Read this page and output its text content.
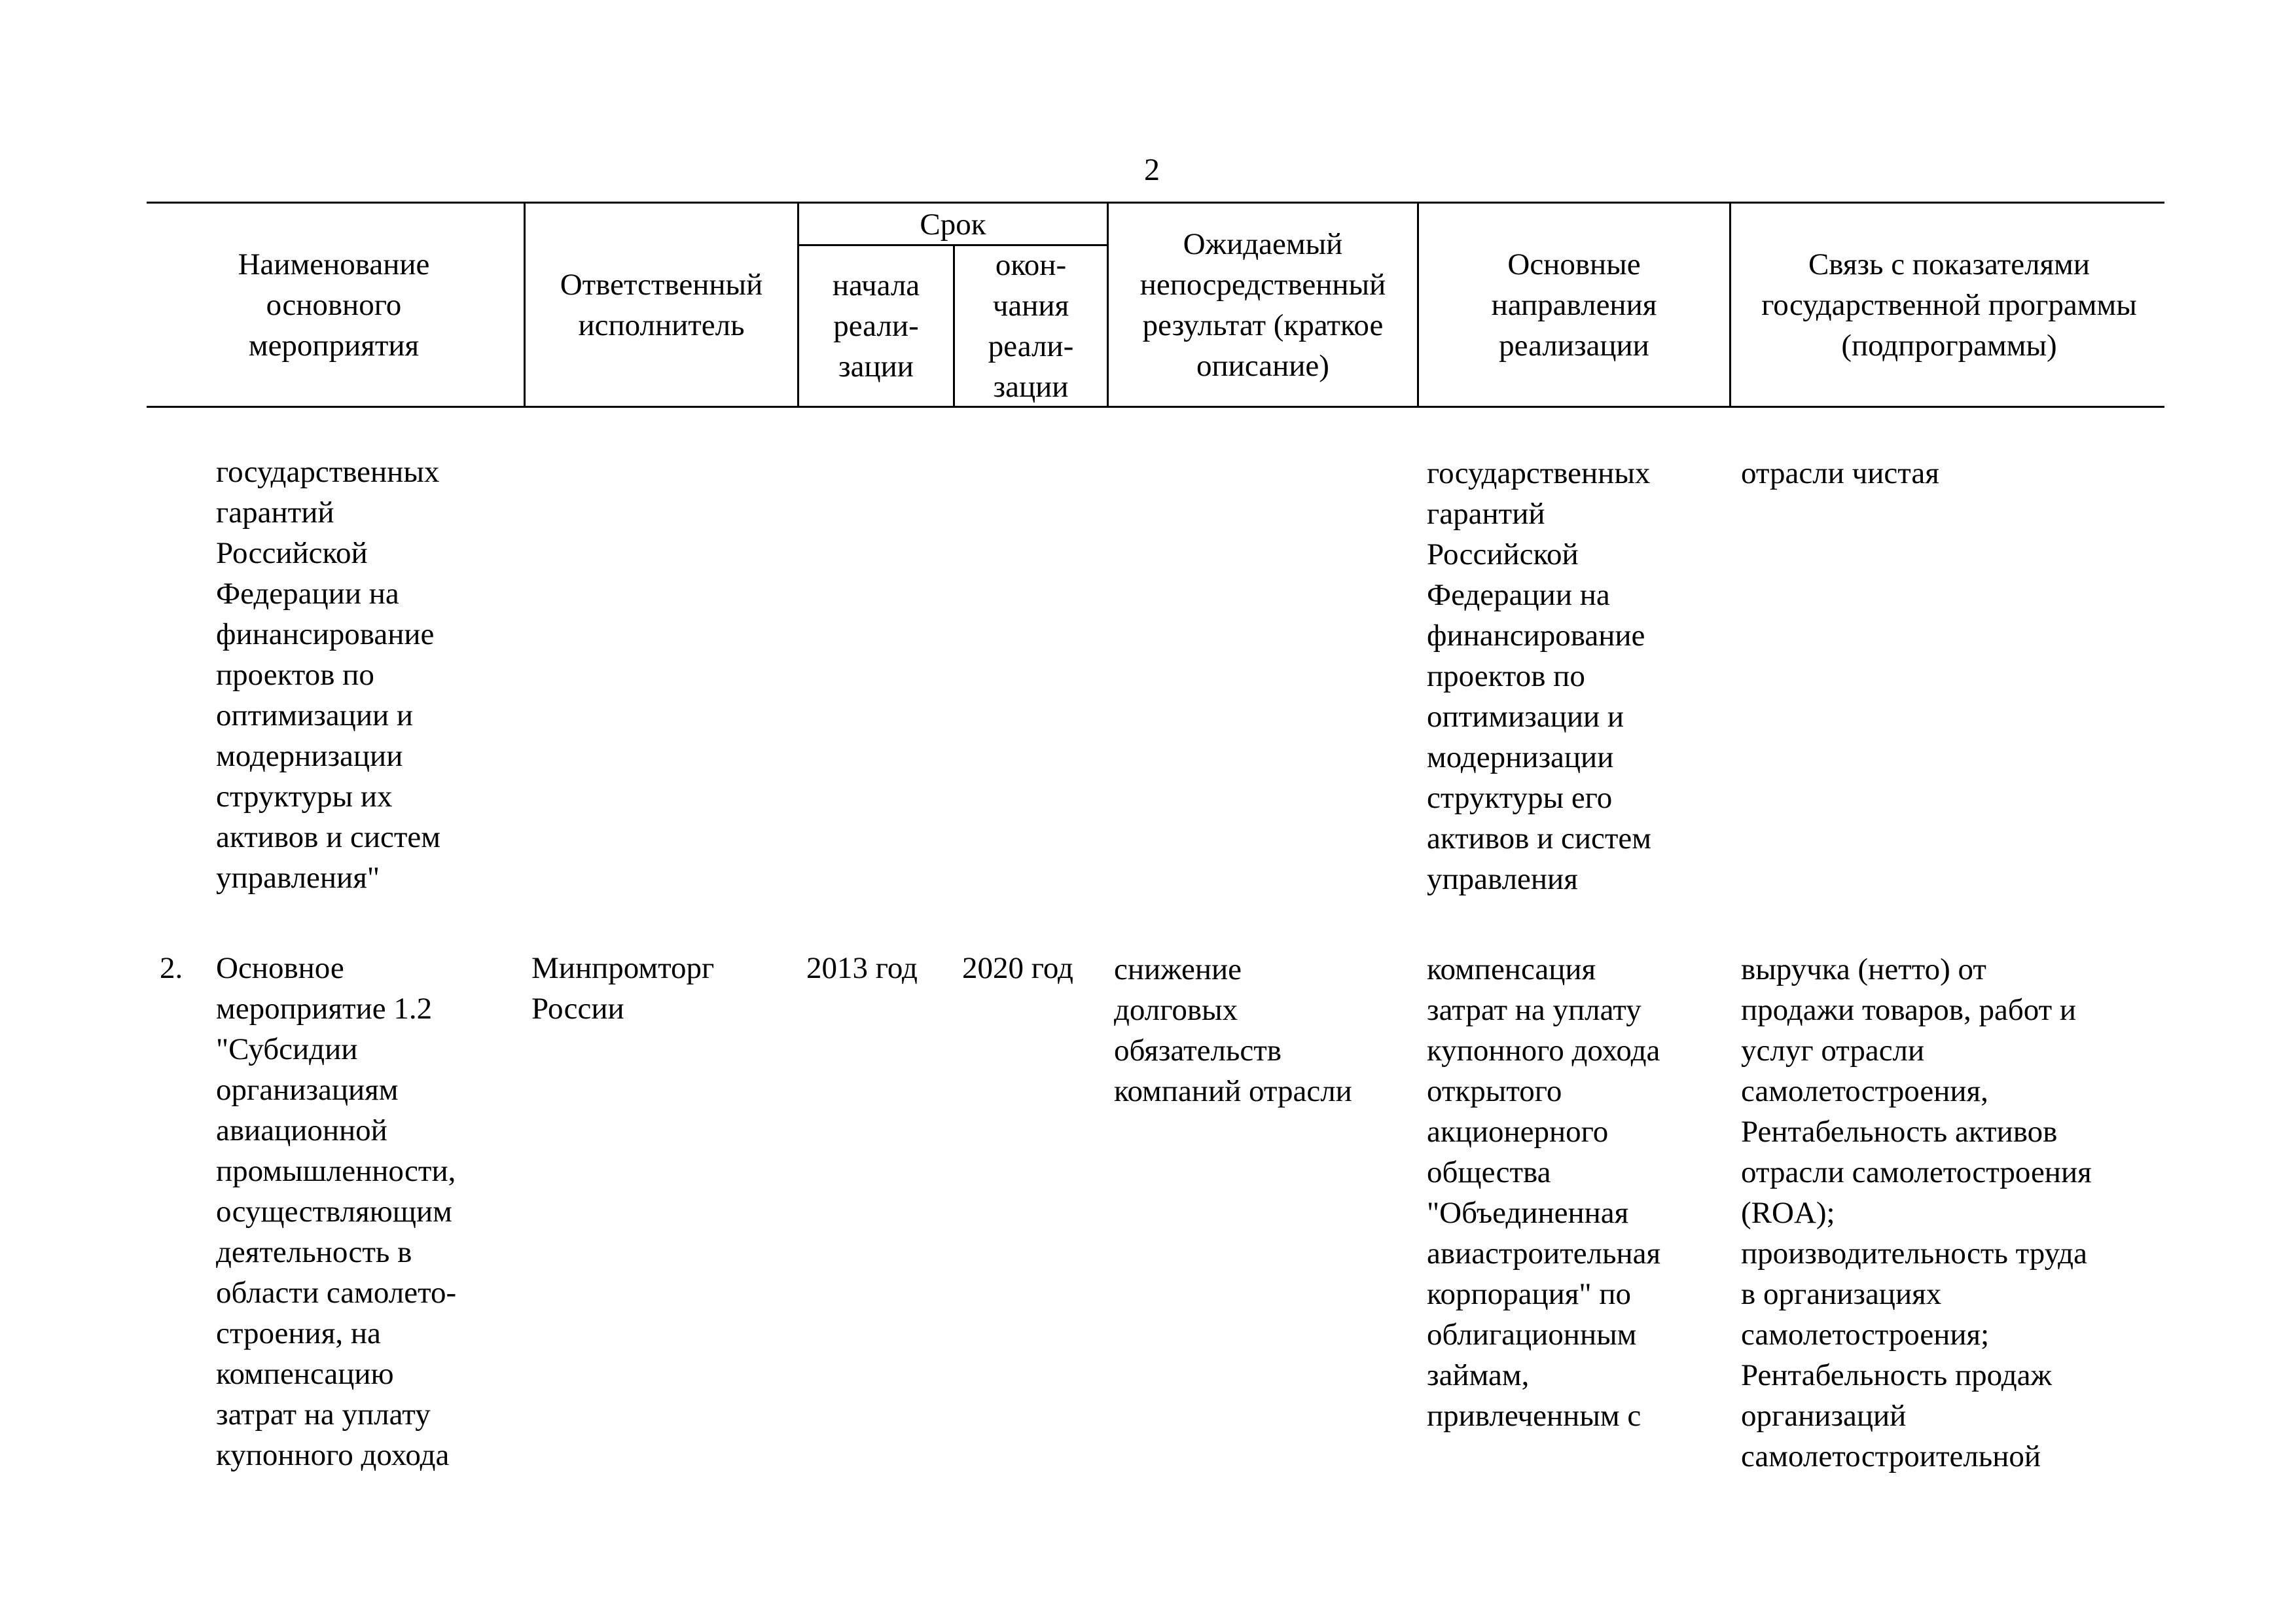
2
Наименование основного мероприятия
Ответственный исполнитель
Срок
начала
реали-
зации
окон-
чания
реали-
зации
Ожидаемый непосредственный результат (краткое описание)
Основные направления реализации
Связь с показателями государственной программы (подпрограммы)
государственных
гарантий
Российской
Федерации на
финансирование
проектов по
оптимизации и
модернизации
структуры их
активов и систем
управления"
государственных
гарантий
Российской
Федерации на
финансирование
проектов по
оптимизации и
модернизации
структуры его
активов и систем
управления
отрасли чистая
2. Основное
мероприятие 1.2
"Субсидии
организациям
авиационной
промышленности,
осуществляющим
деятельность в
области самолето-
строения, на
компенсацию
затрат на уплату
купонного дохода
Минпромторг
России
2013 год	2020 год	снижение
долговых
обязательств
компаний отрасли
компенсация
затрат на уплату
купонного дохода
открытого
акционерного
общества
"Объединенная
авиастроительная
корпорация" по
облигационным
займам,
привлеченным с
выручка (нетто) от
продажи товаров, работ и
услуг отрасли
самолетостроения,
Рентабельность активов
отрасли самолетостроения
(ROA);
производительность труда
в организациях
самолетостроения;
Рентабельность продаж
организаций
самолетостроительной
